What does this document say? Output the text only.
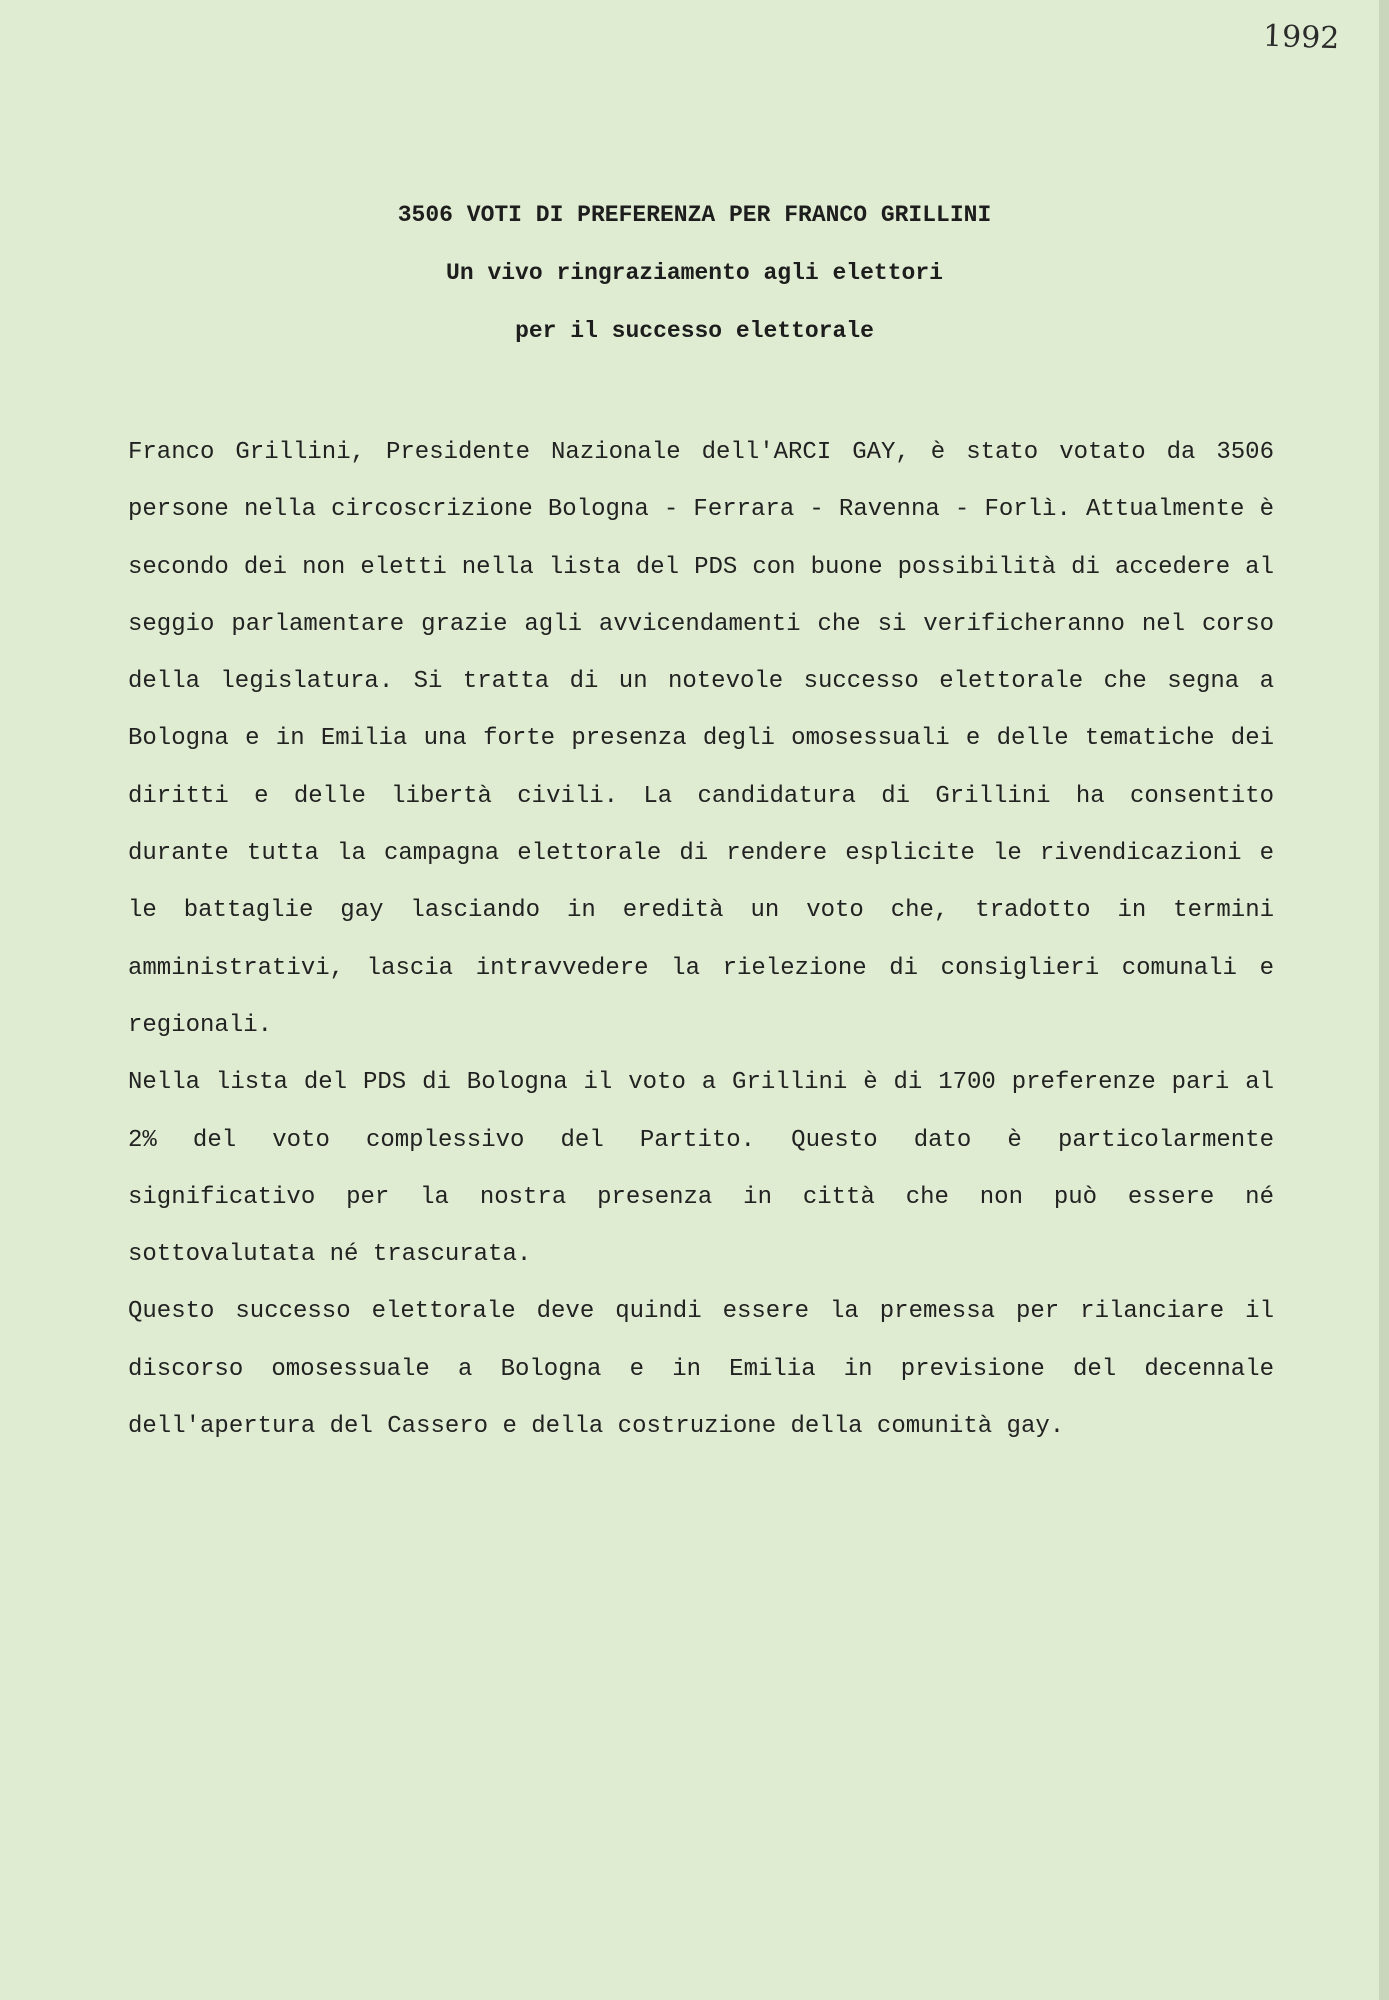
1992
3506 VOTI DI PREFERENZA PER FRANCO GRILLINI
Un vivo ringraziamento agli elettori
per il successo elettorale

Franco Grillini, Presidente Nazionale dell'ARCI GAY, è stato votato da 3506 persone nella circoscrizione Bologna - Ferrara - Ravenna - Forlì. Attualmente è secondo dei non eletti nella lista del PDS con buone possibilità di accedere al seggio parlamentare grazie agli avvicendamenti che si verificheranno nel corso della legislatura. Si tratta di un notevole successo elettorale che segna a Bologna e in Emilia una forte presenza degli omosessuali e delle tematiche dei diritti e delle libertà civili. La candidatura di Grillini ha consentito durante tutta la campagna elettorale di rendere esplicite le rivendicazioni e le battaglie gay lasciando in eredità un voto che, tradotto in termini amministrativi, lascia intravvedere la rielezione di consiglieri comunali e regionali.

Nella lista del PDS di Bologna il voto a Grillini è di 1700 preferenze pari al 2% del voto complessivo del Partito. Questo dato è particolarmente significativo per la nostra presenza in città che non può essere né sottovalutata né trascurata.

Questo successo elettorale deve quindi essere la premessa per rilanciare il discorso omosessuale a Bologna e in Emilia in previsione del decennale dell'apertura del Cassero e della costruzione della comunità gay.
